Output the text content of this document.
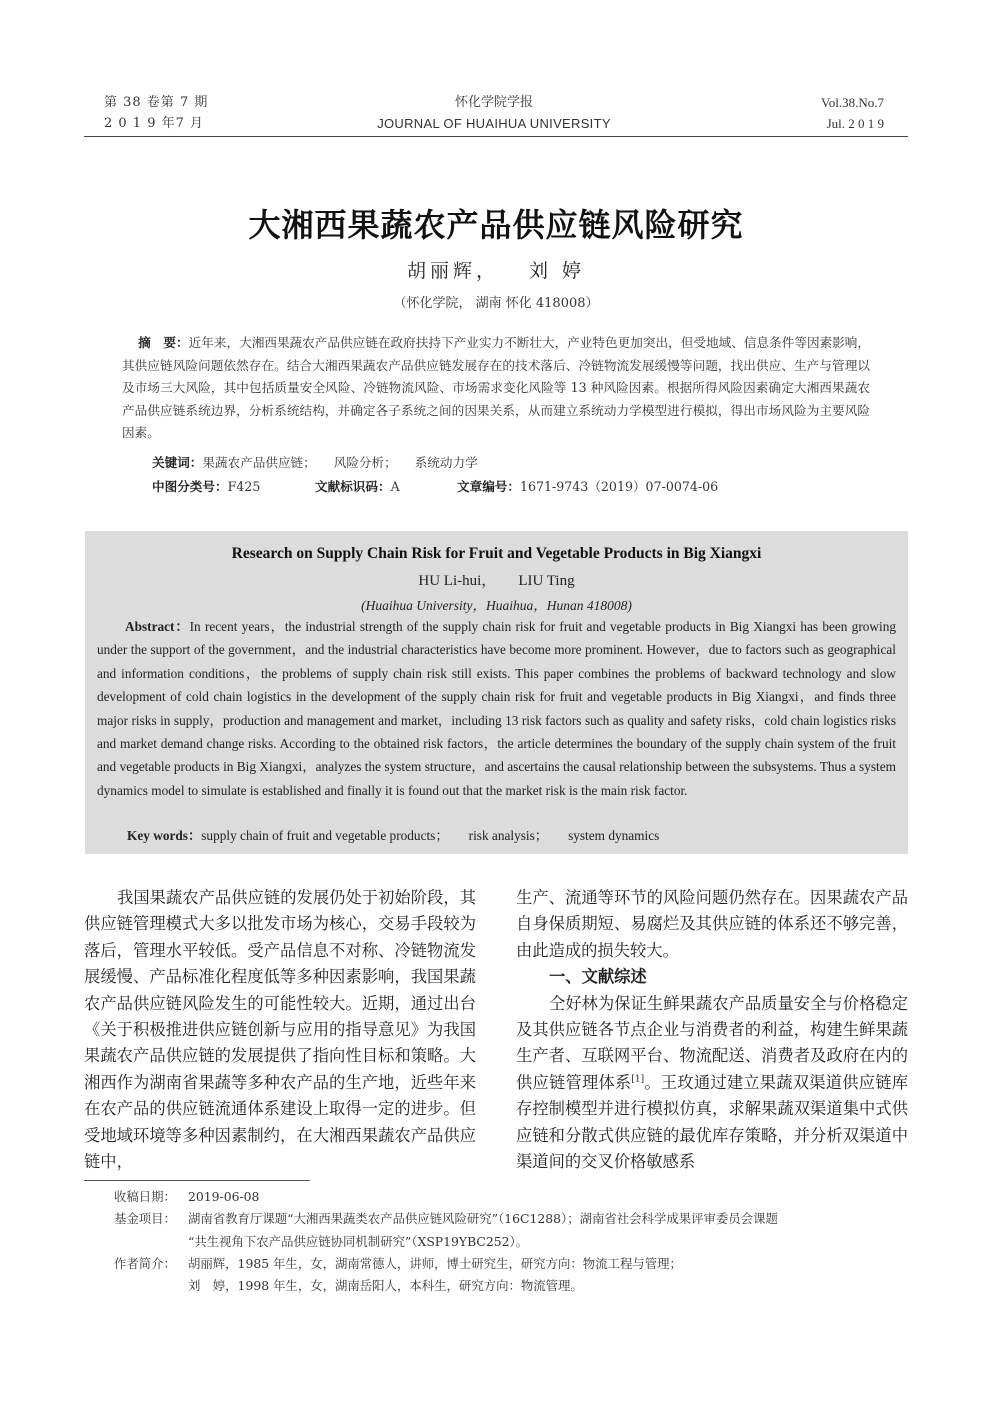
第 38 卷第 7 期
2 0 1 9 年7 月
怀化学院学报
JOURNAL OF HUAIHUA UNIVERSITY
Vol.38.No.7
Jul. 2 0 1 9
大湘西果蔬农产品供应链风险研究
胡丽辉， 刘 婷
（怀化学院， 湖南 怀化 418008）
摘　要：近年来，大湘西果蔬农产品供应链在政府扶持下产业实力不断壮大，产业特色更加突出，但受地域、信息条件等因素影响，其供应链风险问题依然存在。结合大湘西果蔬农产品供应链发展存在的技术落后、冷链物流发展缓慢等问题，找出供应、生产与管理以及市场三大风险，其中包括质量安全风险、冷链物流风险、市场需求变化风险等 13 种风险因素。根据所得风险因素确定大湘西果蔬农产品供应链系统边界，分析系统结构，并确定各子系统之间的因果关系，从而建立系统动力学模型进行模拟，得出市场风险为主要风险因素。
关键词：果蔬农产品供应链； 风险分析； 系统动力学
中图分类号：F425	文献标识码：A	文章编号：1671-9743（2019）07-0074-06
Research on Supply Chain Risk for Fruit and Vegetable Products in Big Xiangxi
HU Li-hui， LIU Ting
(Huaihua University，Huaihua，Hunan 418008)
Abstract：In recent years，the industrial strength of the supply chain risk for fruit and vegetable products in Big Xiangxi has been growing under the support of the government，and the industrial characteristics have become more prominent. However，due to factors such as geographical and information conditions，the problems of supply chain risk still exists. This paper combines the problems of backward technology and slow development of cold chain logistics in the development of the supply chain risk for fruit and vegetable products in Big Xiangxi，and finds three major risks in supply，production and management and market，including 13 risk factors such as quality and safety risks，cold chain logistics risks and market demand change risks. According to the obtained risk factors，the article determines the boundary of the supply chain system of the fruit and vegetable products in Big Xiangxi，analyzes the system structure，and ascertains the causal relationship between the subsystems. Thus a system dynamics model to simulate is established and finally it is found out that the market risk is the main risk factor.
Key words：supply chain of fruit and vegetable products； risk analysis； system dynamics

我国果蔬农产品供应链的发展仍处于初始阶段，其供应链管理模式大多以批发市场为核心，交易手段较为落后，管理水平较低。受产品信息不对称、冷链物流发展缓慢、产品标准化程度低等多种因素影响，我国果蔬农产品供应链风险发生的可能性较大。近期，通过出台《关于积极推进供应链创新与应用的指导意见》为我国果蔬农产品供应链的发展提供了指向性目标和策略。大湘西作为湖南省果蔬等多种农产品的生产地，近些年来在农产品的供应链流通体系建设上取得一定的进步。但受地域环境等多种因素制约，在大湘西果蔬农产品供应链中，

生产、流通等环节的风险问题仍然存在。因果蔬农产品自身保质期短、易腐烂及其供应链的体系还不够完善，由此造成的损失较大。

一、文献综述

仝好林为保证生鲜果蔬农产品质量安全与价格稳定及其供应链各节点企业与消费者的利益，构建生鲜果蔬生产者、互联网平台、物流配送、消费者及政府在内的供应链管理体系[1]。王玫通过建立果蔬双渠道供应链库存控制模型并进行模拟仿真，求解果蔬双渠道集中式供应链和分散式供应链的最优库存策略，并分析双渠道中渠道间的交叉价格敏感系

收稿日期： 2019-06-08
基金项目： 湖南省教育厅课题“大湘西果蔬类农产品供应链风险研究”（16C1288）；湖南省社会科学成果评审委员会课题
“共生视角下农产品供应链协同机制研究”（XSP19YBC252）。
作者简介： 胡丽辉，1985 年生，女，湖南常德人，讲师，博士研究生，研究方向：物流工程与管理；
刘　婷，1998 年生，女，湖南岳阳人，本科生，研究方向：物流管理。
